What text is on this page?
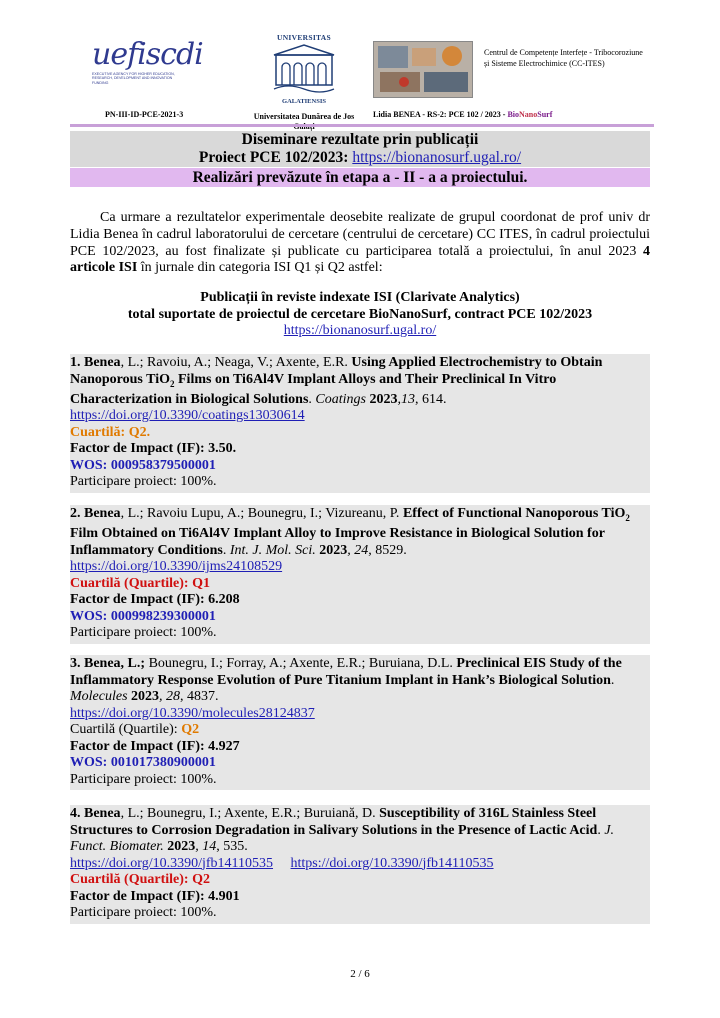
uefiscdi
EXECUTIVE AGENCY FOR HIGHER EDUCATION, RESEARCH, DEVELOPMENT AND INNOVATION FUNDING
PN-III-ID-PCE-2021-3
UNIVERSITAS
GALATIENSIS
Universitatea Dunărea de Jos
Centrul de Competențe Interfețe - Tribocoroziune și Sisteme Electrochimice (CC-ITES)
Lidia BENEA - RS-2: PCE 102 / 2023 - BioNanoSurf
Diseminare rezultate prin publicații
Proiect PCE 102/2023: https://bionanosurf.ugal.ro/
Realizări prevăzute în etapa a - II - a a proiectului.

Ca urmare a rezultatelor experimentale deosebite realizate de grupul coordonat de prof univ dr Lidia Benea în cadrul laboratorului de cercetare (centrului de cercetare) CC ITES, în cadrul proiectului PCE 102/2023, au fost finalizate și publicate cu participarea totală a proiectului, în anul 2023 4 articole ISI în jurnale din categoria ISI Q1 și Q2 astfel:

Publicații în reviste indexate ISI (Clarivate Analytics)
total suportate de proiectul de cercetare BioNanoSurf, contract PCE 102/2023
https://bionanosurf.ugal.ro/
1. Benea, L.; Ravoiu, A.; Neaga, V.; Axente, E.R. Using Applied Electrochemistry to Obtain Nanoporous TiO$_2$ Films on Ti6Al4V Implant Alloys and Their Preclinical In Vitro Characterization in Biological Solutions. Coatings 2023,13, 614.
https://doi.org/10.3390/coatings13030614
Cuartilă: Q2.
Factor de Impact (IF): 3.50.
WOS: 000958379500001
Participare proiect: 100%.
2. Benea, L.; Ravoiu Lupu, A.; Bounegru, I.; Vizureanu, P. Effect of Functional Nanoporous TiO$_2$ Film Obtained on Ti6Al4V Implant Alloy to Improve Resistance in Biological Solution for Inflammatory Conditions. Int. J. Mol. Sci. 2023, 24, 8529.
https://doi.org/10.3390/ijms24108529
Cuartilă (Quartile): Q1
Factor de Impact (IF): 6.208
WOS: 000998239300001
Participare proiect: 100%.
3. Benea, L.; Bounegru, I.; Forray, A.; Axente, E.R.; Buruiana, D.L. Preclinical EIS Study of the Inflammatory Response Evolution of Pure Titanium Implant in Hank’s Biological Solution. Molecules 2023, 28, 4837.
https://doi.org/10.3390/molecules28124837
Cuartilă (Quartile): Q2
Factor de Impact (IF): 4.927
WOS: 001017380900001
Participare proiect: 100%.
4. Benea, L.; Bounegru, I.; Axente, E.R.; Buruiană, D. Susceptibility of 316L Stainless Steel Structures to Corrosion Degradation in Salivary Solutions in the Presence of Lactic Acid. J. Funct. Biomater. 2023, 14, 535.
https://doi.org/10.3390/jfb14110535 https://doi.org/10.3390/jfb14110535
Cuartilă (Quartile): Q2
Factor de Impact (IF): 4.901
Participare proiect: 100%.
2 / 6
